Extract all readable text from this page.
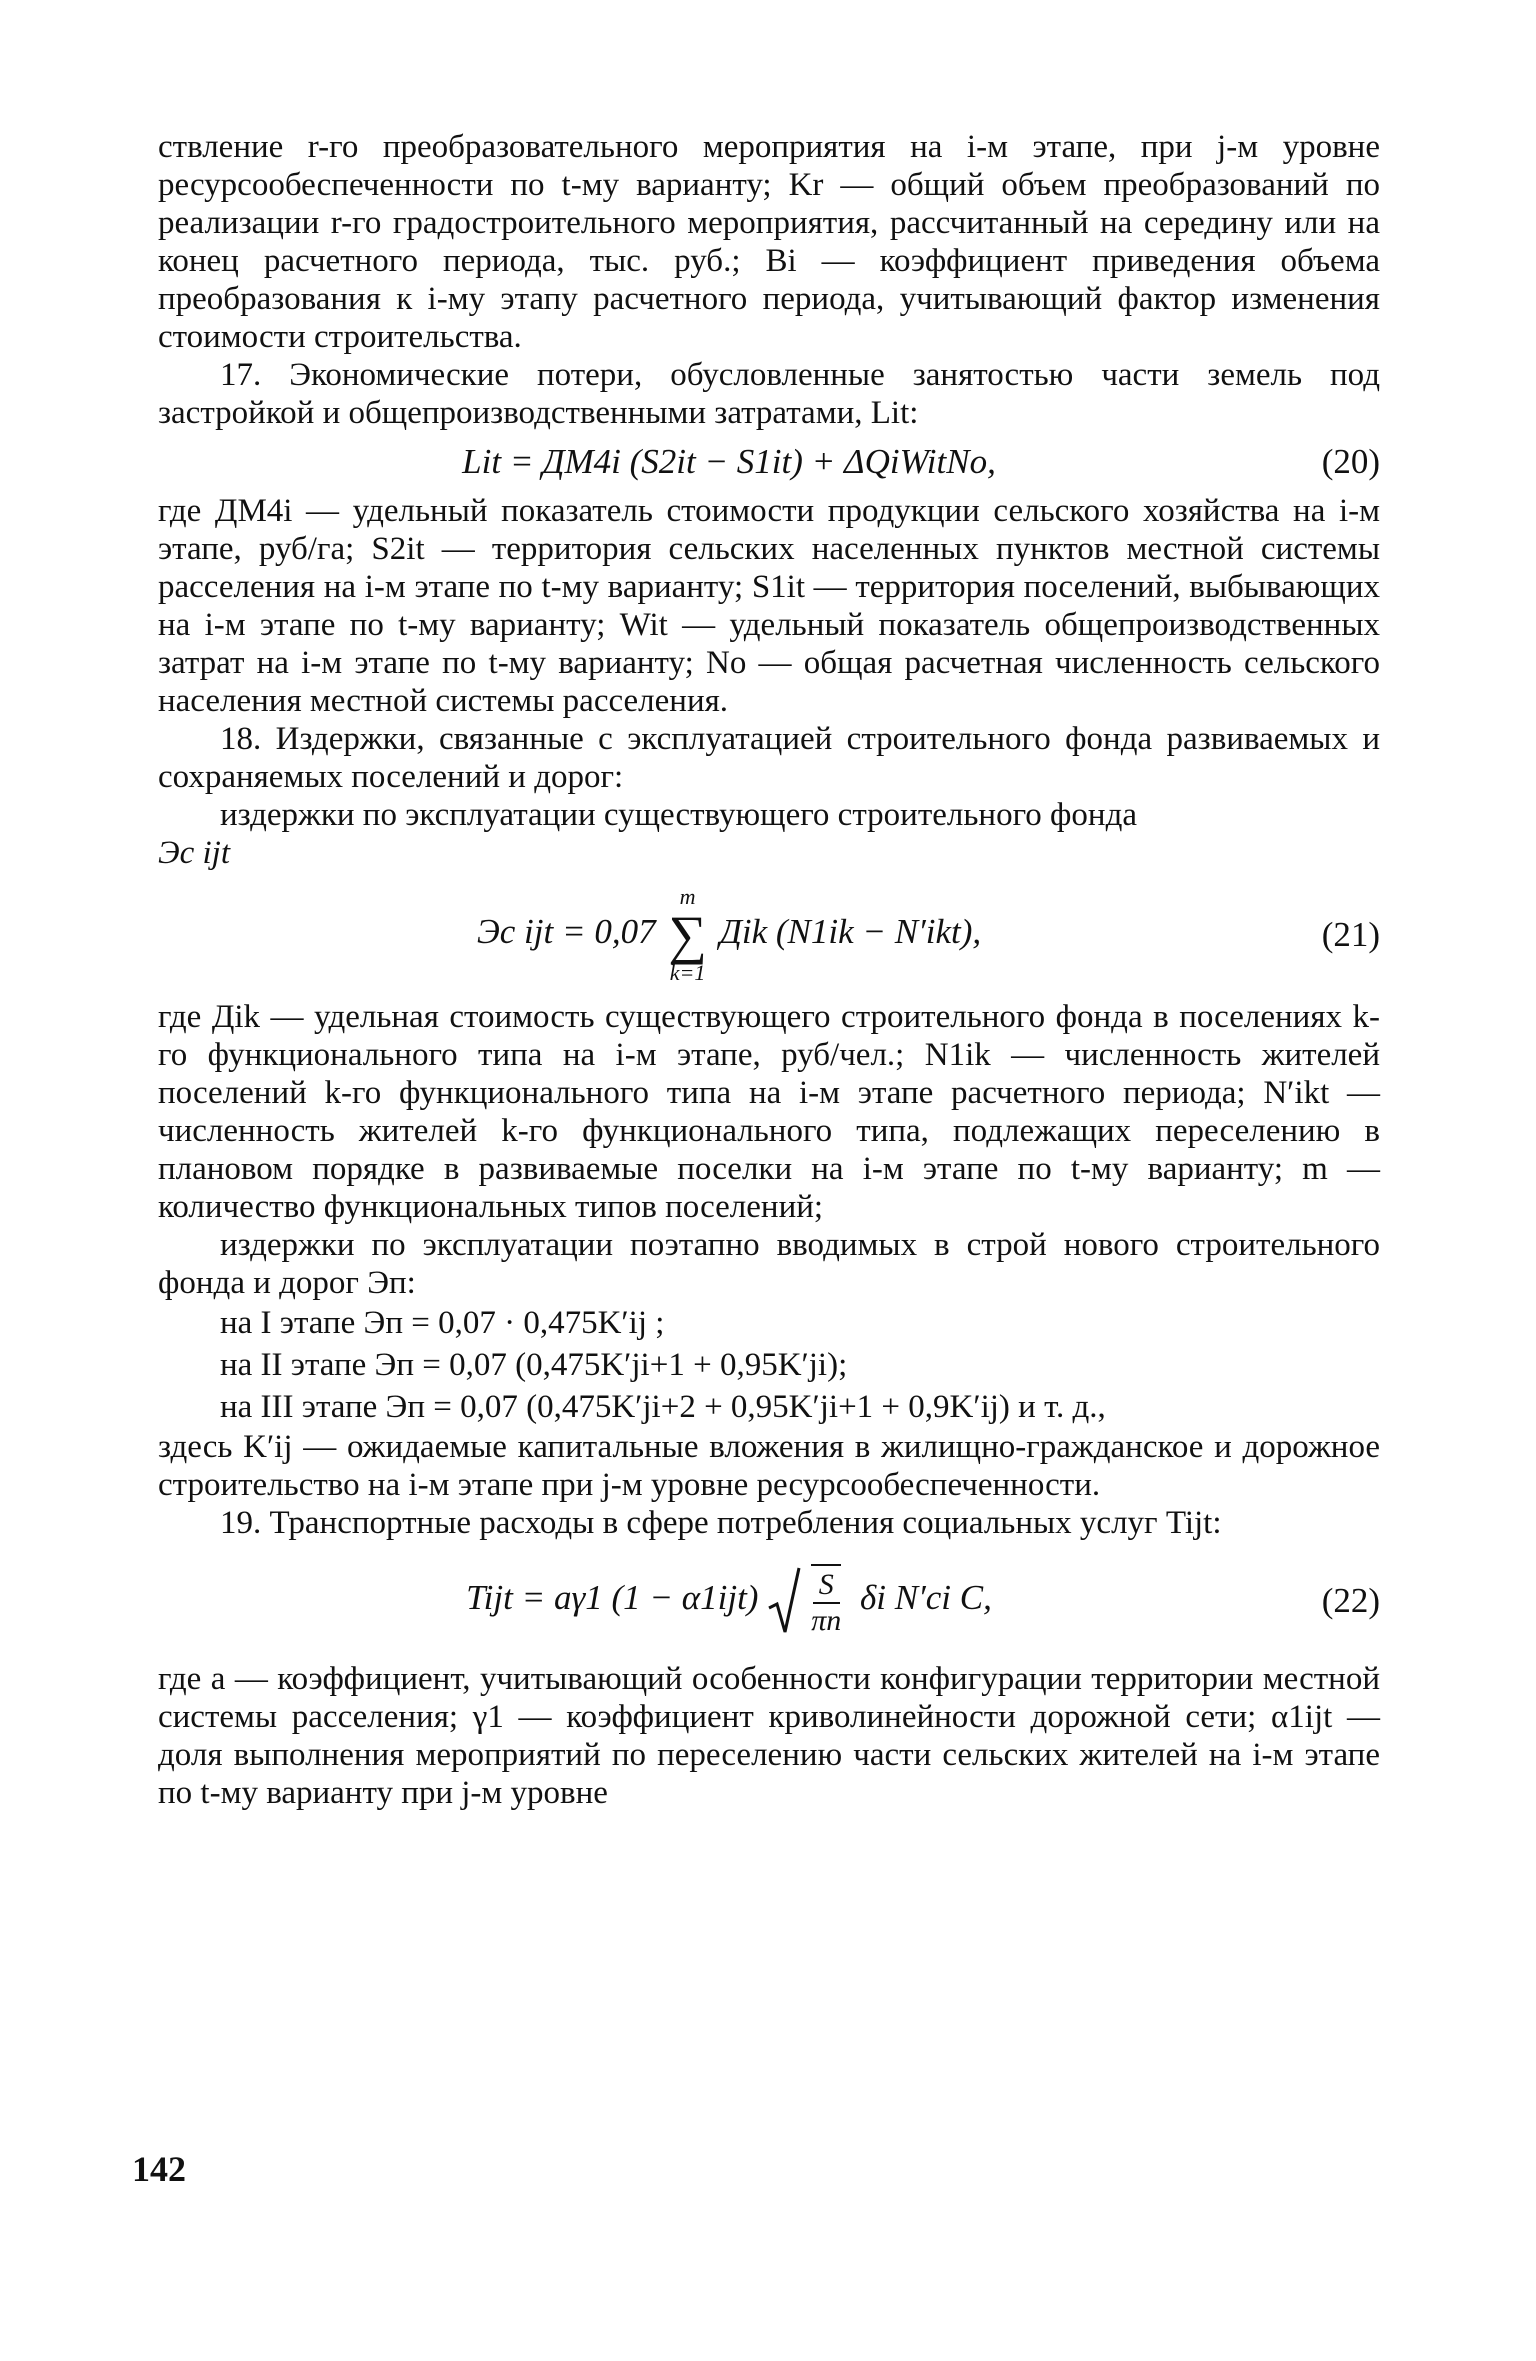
ствление r-го преобразовательного мероприятия на i-м этапе, при j-м уровне ресурсообеспеченности по t-му варианту; Kr — общий объем преобразований по реализации r-го градостроительного мероприятия, рассчитанный на середину или на конец расчетного периода, тыс. руб.; Bi — коэффициент приведения объема преобразования к i-му этапу расчетного периода, учитывающий фактор изменения стоимости строительства.

17. Экономические потери, обусловленные занятостью части земель под застройкой и общепроизводственными затратами, Lit:

Lit = ДМ4i (S2it − S1it) + ΔQiWitNo,	(20)

где ДМ4i — удельный показатель стоимости продукции сельского хозяйства на i-м этапе, руб/га; S2it — территория сельских населенных пунктов местной системы расселения на i-м этапе по t-му варианту; S1it — территория поселений, выбывающих на i-м этапе по t-му варианту; Wit — удельный показатель общепроизводственных затрат на i-м этапе по t-му варианту; No — общая расчетная численность сельского населения местной системы расселения.

18. Издержки, связанные с эксплуатацией строительного фонда развиваемых и сохраняемых поселений и дорог:

издержки по эксплуатации существующего строительного фонда

Эc ijt

Эc ijt = 0,07
m
∑
k=1
Дik (N1ik − N′ikt),	(21)

где Дik — удельная стоимость существующего строительного фонда в поселениях k-го функционального типа на i-м этапе, руб/чел.; N1ik — численность жителей поселений k-го функционального типа на i-м этапе расчетного периода; N′ikt — численность жителей k-го функционального типа, подлежащих переселению в плановом порядке в развиваемые поселки на i-м этапе по t-му варианту; m — количество функциональных типов поселений;

издержки по эксплуатации поэтапно вводимых в строй нового строительного фонда и дорог Эп:

на I этапе Эп = 0,07 · 0,475K′ij ;
на II этапе Эп = 0,07 (0,475K′ji+1 + 0,95K′ji);
на III этапе Эп = 0,07 (0,475K′ji+2 + 0,95K′ji+1 + 0,9K′ij) и т. д.,

здесь K′ij — ожидаемые капитальные вложения в жилищно-гражданское и дорожное строительство на i-м этапе при j-м уровне ресурсообеспеченности.

19. Транспортные расходы в сфере потребления социальных услуг Tijt:

Tijt = aγ1 $(1 - \alpha 1ijt) \frac{S}{\pi n}$ δi N′ci C,	(22)

где a — коэффициент, учитывающий особенности конфигурации территории местной системы расселения; γ1 — коэффициент криволинейности дорожной сети; α1ijt — доля выполнения мероприятий по переселению части сельских жителей на i-м этапе по t-му варианту при j-м уровне

142
